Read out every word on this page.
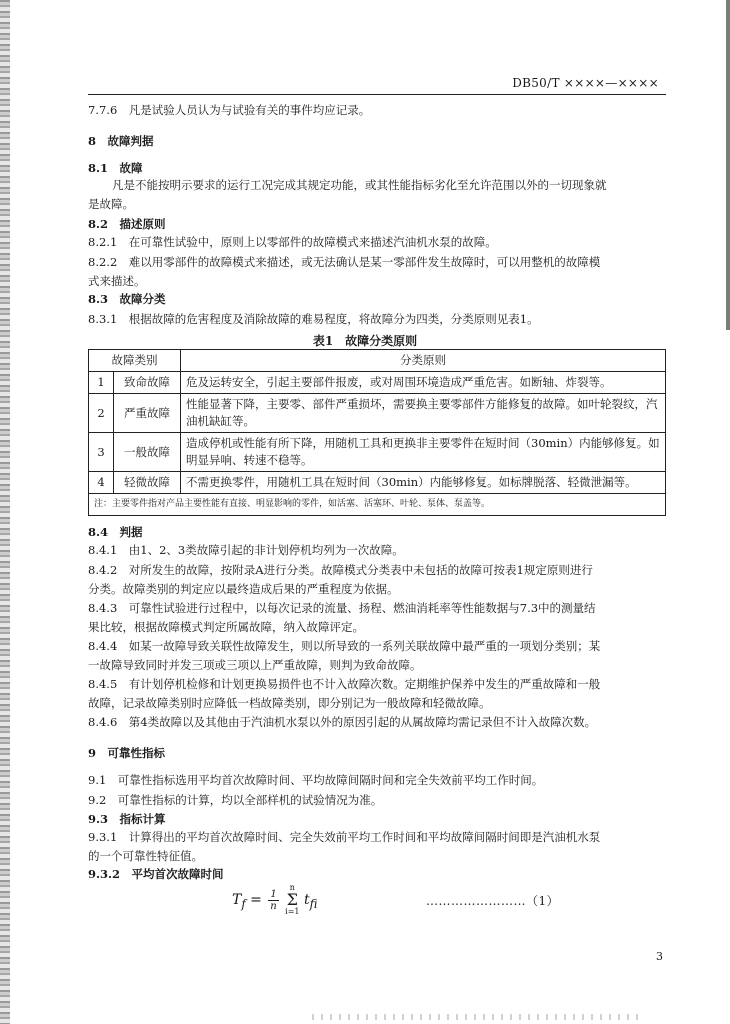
DB50/T ××××—××××
7.7.6　凡是试验人员认为与试验有关的事件均应记录。
8　故障判据
8.1　故障
凡是不能按明示要求的运行工况完成其规定功能，或其性能指标劣化至允许范围以外的一切现象就
是故障。
8.2　描述原则
8.2.1　在可靠性试验中，原则上以零部件的故障模式来描述汽油机水泵的故障。
8.2.2　难以用零部件的故障模式来描述，或无法确认是某一零部件发生故障时，可以用整机的故障模
式来描述。
8.3　故障分类
8.3.1　根据故障的危害程度及消除故障的难易程度，将故障分为四类，分类原则见表1。
表1　故障分类原则
故障类别		分类原则
1	致命故障	危及运转安全，引起主要部件报废，或对周围环境造成严重危害。如断轴、炸裂等。
2	严重故障	性能显著下降，主要零、部件严重损坏，需要换主要零部件方能修复的故障。如叶轮裂纹，汽油机缺缸等。
3	一般故障	造成停机或性能有所下降，用随机工具和更换非主要零件在短时间（30min）内能够修复。如明显异响、转速不稳等。
4	轻微故障	不需更换零件，用随机工具在短时间（30min）内能够修复。如标牌脱落、轻微泄漏等。
注：主要零件指对产品主要性能有直接、明显影响的零件，如活塞、活塞环、叶轮、泵体、泵盖等。		
8.4　判据
8.4.1　由1、2、3类故障引起的非计划停机均列为一次故障。
8.4.2　对所发生的故障，按附录A进行分类。故障模式分类表中未包括的故障可按表1规定原则进行
分类。故障类别的判定应以最终造成后果的严重程度为依据。
8.4.3　可靠性试验进行过程中，以每次记录的流量、扬程、燃油消耗率等性能数据与7.3中的测量结
果比较，根据故障模式判定所属故障，纳入故障评定。
8.4.4　如某一故障导致关联性故障发生，则以所导致的一系列关联故障中最严重的一项划分类别；某
一故障导致同时并发三项或三项以上严重故障，则判为致命故障。
8.4.5　有计划停机检修和计划更换易损件也不计入故障次数。定期维护保养中发生的严重故障和一般
故障，记录故障类别时应降低一档故障类别，即分别记为一般故障和轻微故障。
8.4.6　第4类故障以及其他由于汽油机水泵以外的原因引起的从属故障均需记录但不计入故障次数。
9　可靠性指标
9.1　可靠性指标选用平均首次故障时间、平均故障间隔时间和完全失效前平均工作时间。
9.2　可靠性指标的计算，均以全部样机的试验情况为准。
9.3　指标计算
9.3.1　计算得出的平均首次故障时间、完全失效前平均工作时间和平均故障间隔时间即是汽油机水泵
的一个可靠性特征值。
9.3.2　平均首次故障时间
$T_f = \frac{1}{n}$

n
Σ
i=1
$t_{fi}$	……………………（1）
3
